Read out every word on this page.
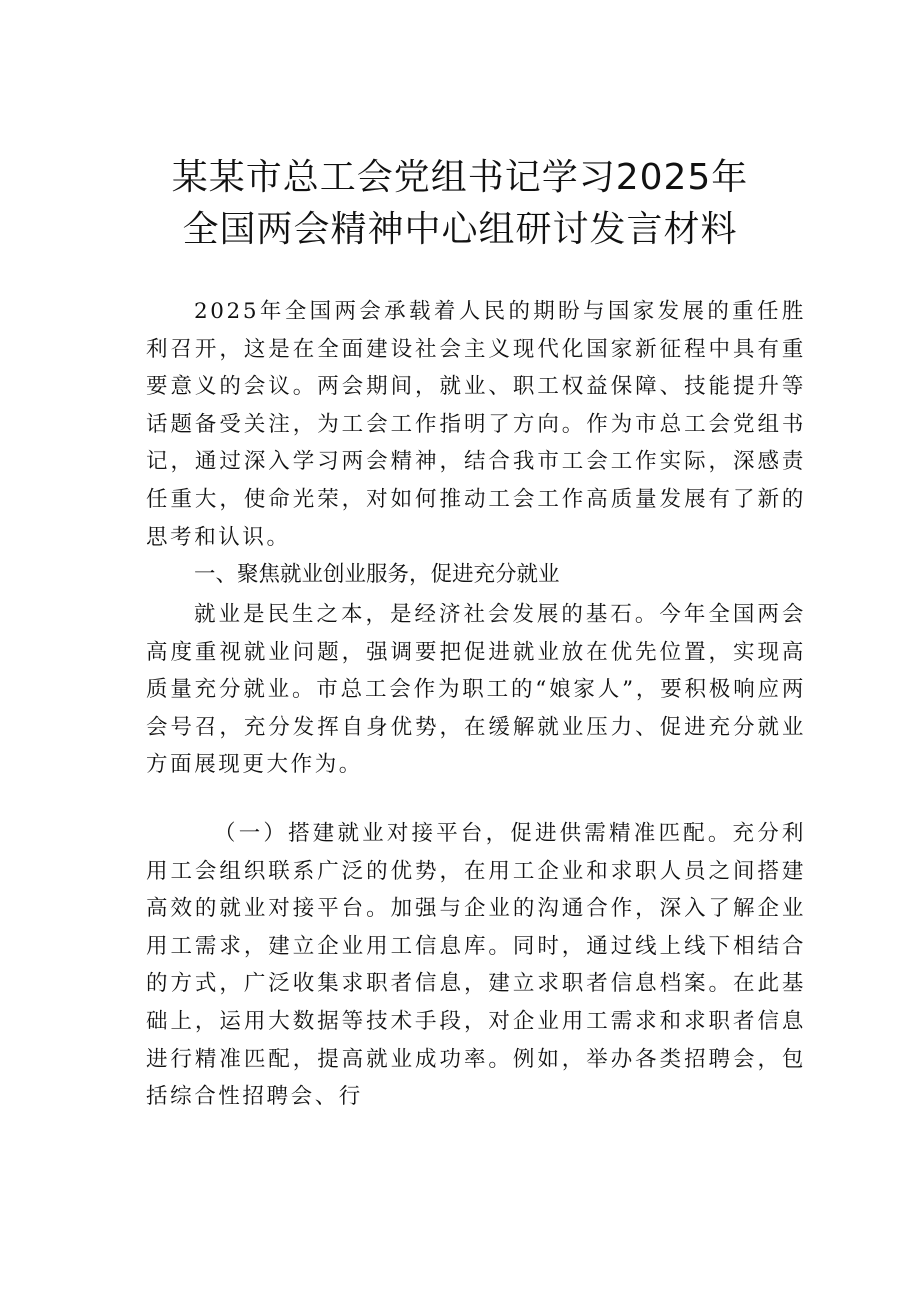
某某市总工会党组书记学习2025年
全国两会精神中心组研讨发言材料

2025年全国两会承载着人民的期盼与国家发展的重任胜利召开，这是在全面建设社会主义现代化国家新征程中具有重要意义的会议。两会期间，就业、职工权益保障、技能提升等话题备受关注，为工会工作指明了方向。作为市总工会党组书记，通过深入学习两会精神，结合我市工会工作实际，深感责任重大，使命光荣，对如何推动工会工作高质量发展有了新的思考和认识。

一、聚焦就业创业服务，促进充分就业

就业是民生之本，是经济社会发展的基石。今年全国两会高度重视就业问题，强调要把促进就业放在优先位置，实现高质量充分就业。市总工会作为职工的“娘家人”，要积极响应两会号召，充分发挥自身优势，在缓解就业压力、促进充分就业方面展现更大作为。

（一）搭建就业对接平台，促进供需精准匹配。充分利用工会组织联系广泛的优势，在用工企业和求职人员之间搭建高效的就业对接平台。加强与企业的沟通合作，深入了解企业用工需求，建立企业用工信息库。同时，通过线上线下相结合的方式，广泛收集求职者信息，建立求职者信息档案。在此基础上，运用大数据等技术手段，对企业用工需求和求职者信息进行精准匹配，提高就业成功率。例如，举办各类招聘会，包括综合性招聘会、行
